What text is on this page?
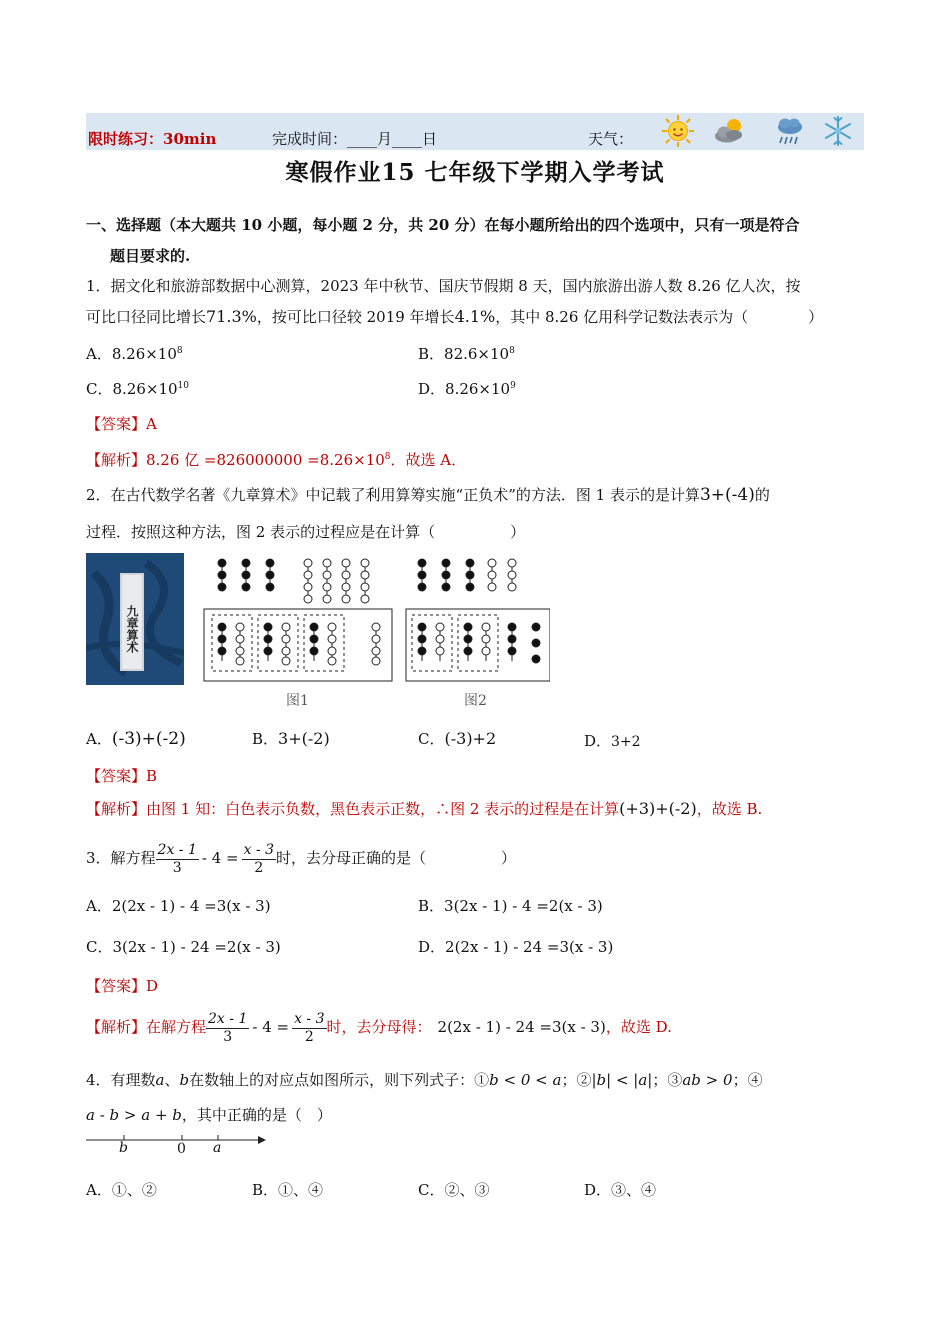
限时练习：30min	完成时间：____月____日	天气：
寒假作业15 七年级下学期入学考试
一、选择题（本大题共 10 小题，每小题 2 分，共 20 分）在每小题所给出的四个选项中，只有一项是符合
题目要求的.
1．据文化和旅游部数据中心测算，2023 年中秋节、国庆节假期 8 天，国内旅游出游人数 8.26 亿人次，按
可比口径同比增长71.3%，按可比口径较 2019 年增长4.1%，其中 8.26 亿用科学记数法表示为（　　　　）
A．$8.26\times 10^8$	B．$82.6\times 10^8$
C．$8.26\times 10^{10}$	D．$8.26\times 10^9$
【答案】A
【解析】8.26 亿 $=826000000 =8.26\times 10^8$．故选 A．
2．在古代数学名著《九章算术》中记载了利用算筹实施“正负术”的方法．图 1 表示的是计算3+(-4)的
过程．按照这种方法，图 2 表示的过程应是在计算（　　　　　）
九章算术
图1	图2
A．(-3)+(-2)	B．3+(-2)	C．(-3)+2	D．3+2
【答案】B
【解析】由图 1 知：白色表示负数，黑色表示正数，∴图 2 表示的过程是在计算(+3)+(-2)，故选 B.
3．解方程 $\frac{2x - 1}{3} - 4 = \frac{x - 3}{2}$ 时，去分母正确的是（　　　　　）
A．2(2x - 1) - 4 =3(x - 3)	B．3(2x - 1) - 4 =2(x - 3)
C．3(2x - 1) - 24 =2(x - 3)	D．2(2x - 1) - 24 =3(x - 3)
【答案】D
【解析】在解方程 $\frac{2x - 1}{3} - 4 = \frac{x - 3}{2}$ 时，去分母得： 2(2x - 1) - 24 =3(x - 3)，故选 D.
4．有理数a、b在数轴上的对应点如图所示，则下列式子：①b < 0 < a；②|b| < |a|；③ab > 0；④
a - b > a + b，其中正确的是（　）
b	0 a
A．①、②	B．①、④	C．②、③	D．③、④
